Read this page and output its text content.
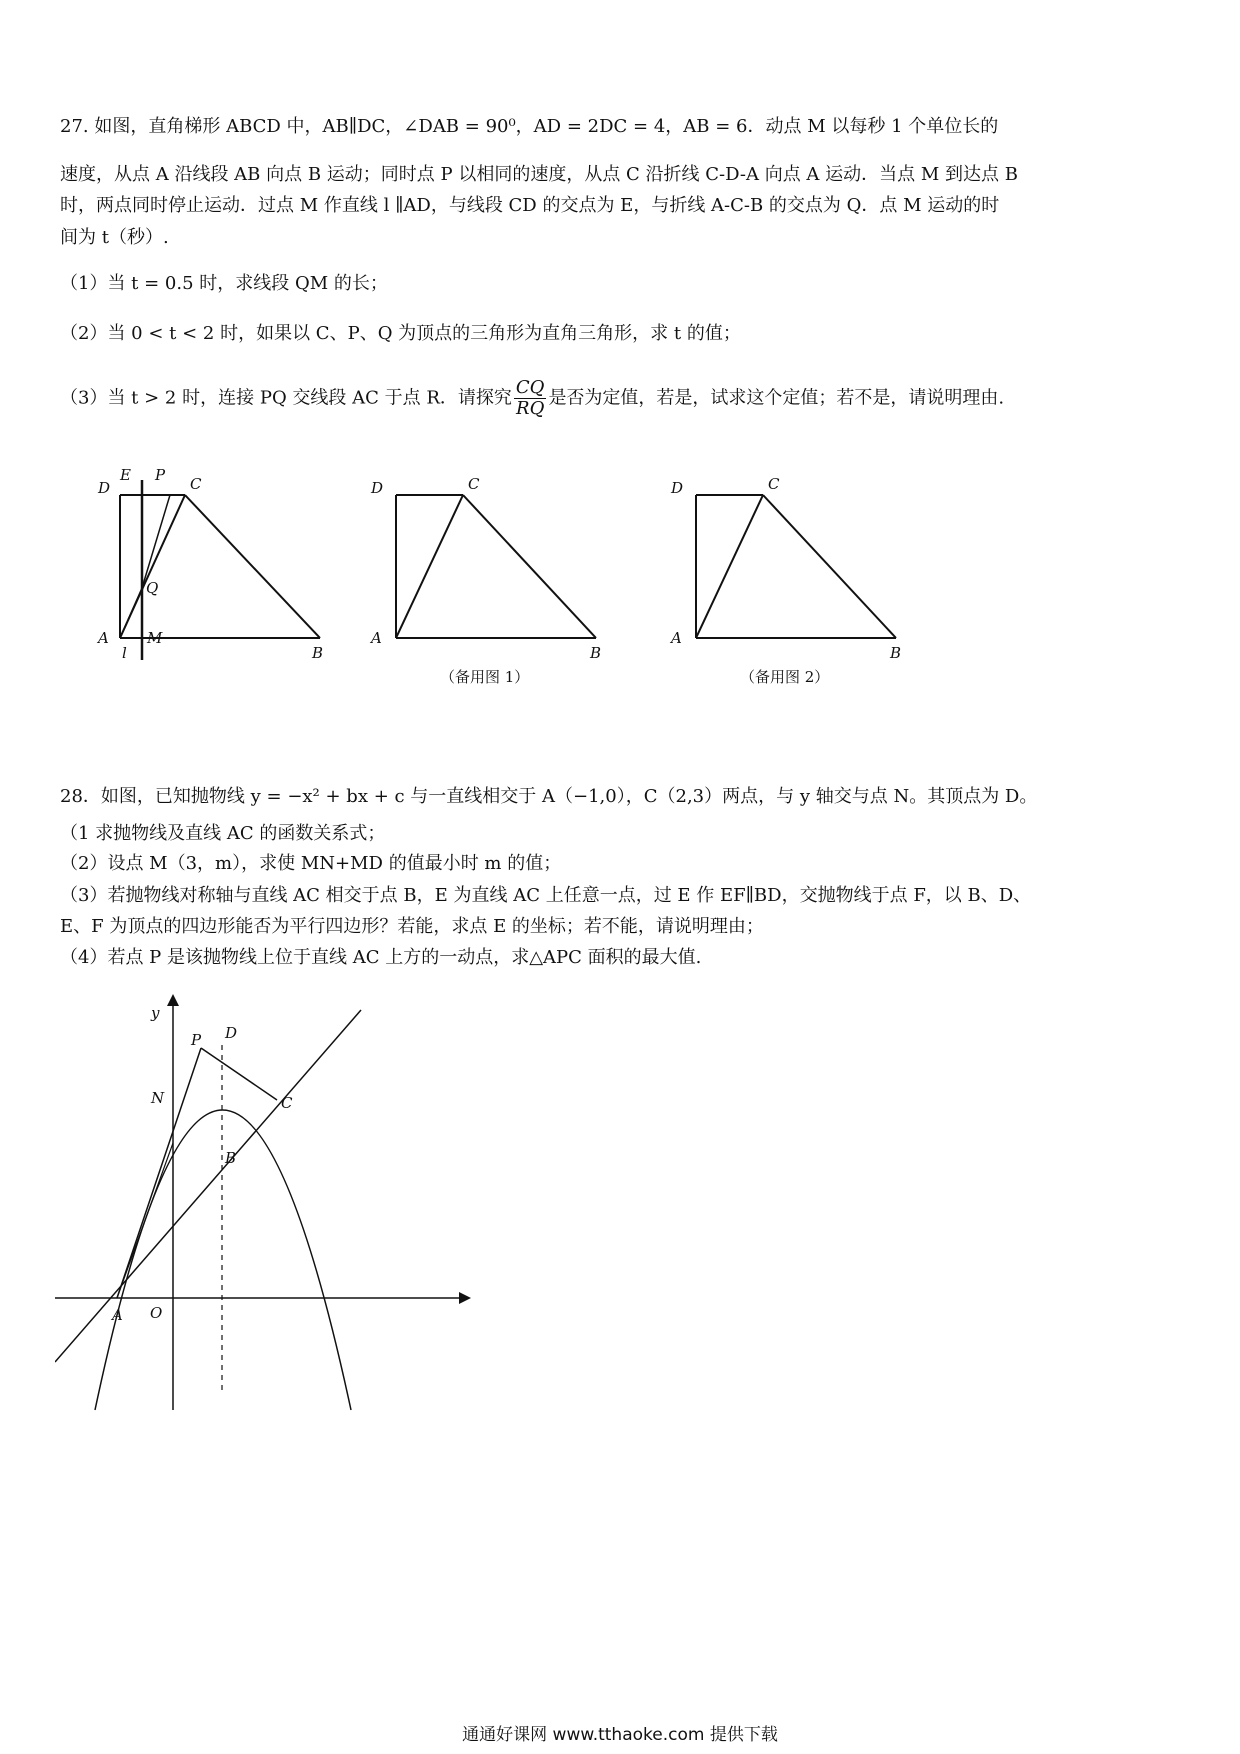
27. 如图，直角梯形 ABCD 中，AB∥DC，∠DAB = 90⁰，AD = 2DC = 4，AB = 6．动点 M 以每秒 1 个单位长的
速度，从点 A 沿线段 AB 向点 B 运动；同时点 P 以相同的速度，从点 C 沿折线 C-D-A 向点 A 运动．当点 M 到达点 B
时，两点同时停止运动．过点 M 作直线 l ∥AD，与线段 CD 的交点为 E，与折线 A-C-B 的交点为 Q．点 M 运动的时
间为 t（秒）.
（1）当 t = 0.5 时，求线段 QM 的长；
（2）当 0 < t < 2 时，如果以 C、P、Q 为顶点的三角形为直角三角形，求 t 的值；
（3）当 t > 2 时，连接 PQ 交线段 AC 于点 R．请探究 $\frac{CQ}{RQ}$ 是否为定值，若是，试求这个定值；若不是，请说明理由.
D
E P C
Q
A
l
M
B
D	C
A
B
（备用图 1）
D	C
A
B
（备用图 2）
28．如图，已知抛物线 y = −x² + bx + c 与一直线相交于 A（−1,0），C（2,3）两点，与 y 轴交与点 N。其顶点为 D。
（1 求抛物线及直线 AC 的函数关系式；
（2）设点 M（3，m），求使 MN+MD 的值最小时 m 的值；
（3）若抛物线对称轴与直线 AC 相交于点 B，E 为直线 AC 上任意一点，过 E 作 EF∥BD，交抛物线于点 F，以 B、D、
E、F 为顶点的四边形能否为平行四边形？若能，求点 E 的坐标；若不能，请说明理由；
（4）若点 P 是该抛物线上位于直线 AC 上方的一动点，求△APC 面积的最大值.
y
P D
N	C
B
A O
通通好课网 www.tthaoke.com 提供下载
